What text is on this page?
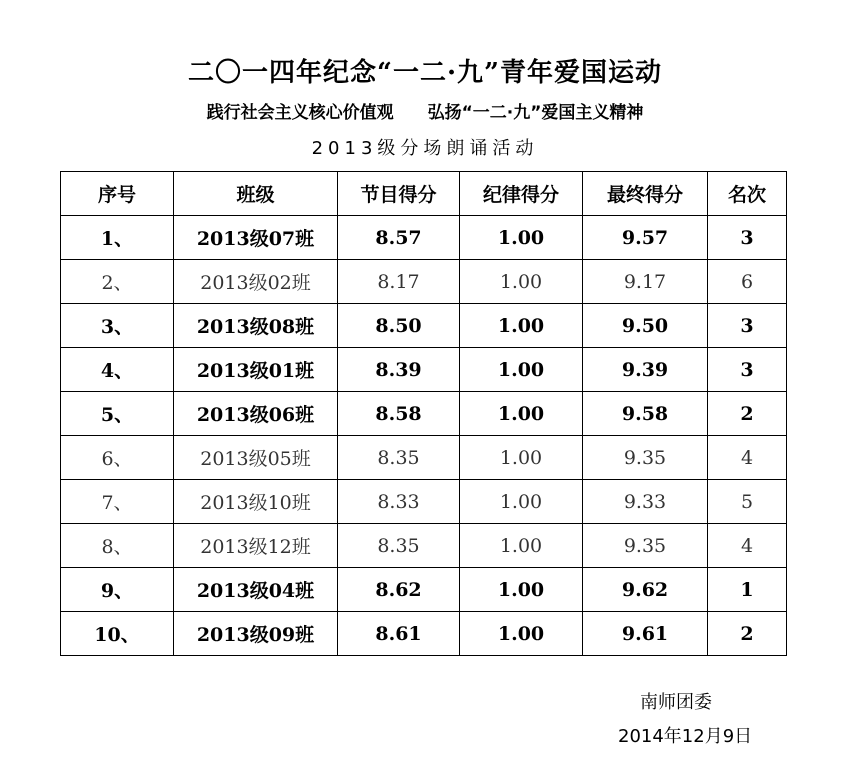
二〇一四年纪念“一二·九”青年爱国运动
践行社会主义核心价值观　　弘扬“一二·九”爱国主义精神
2013级分场朗诵活动
序号	班级	节目得分	纪律得分	最终得分	名次
1、	2013级07班	8.57	1.00	9.57	3
2、	2013级02班	8.17	1.00	9.17	6
3、	2013级08班	8.50	1.00	9.50	3
4、	2013级01班	8.39	1.00	9.39	3
5、	2013级06班	8.58	1.00	9.58	2
6、	2013级05班	8.35	1.00	9.35	4
7、	2013级10班	8.33	1.00	9.33	5
8、	2013级12班	8.35	1.00	9.35	4
9、	2013级04班	8.62	1.00	9.62	1
10、	2013级09班	8.61	1.00	9.61	2
南师团委
2014年12月9日
